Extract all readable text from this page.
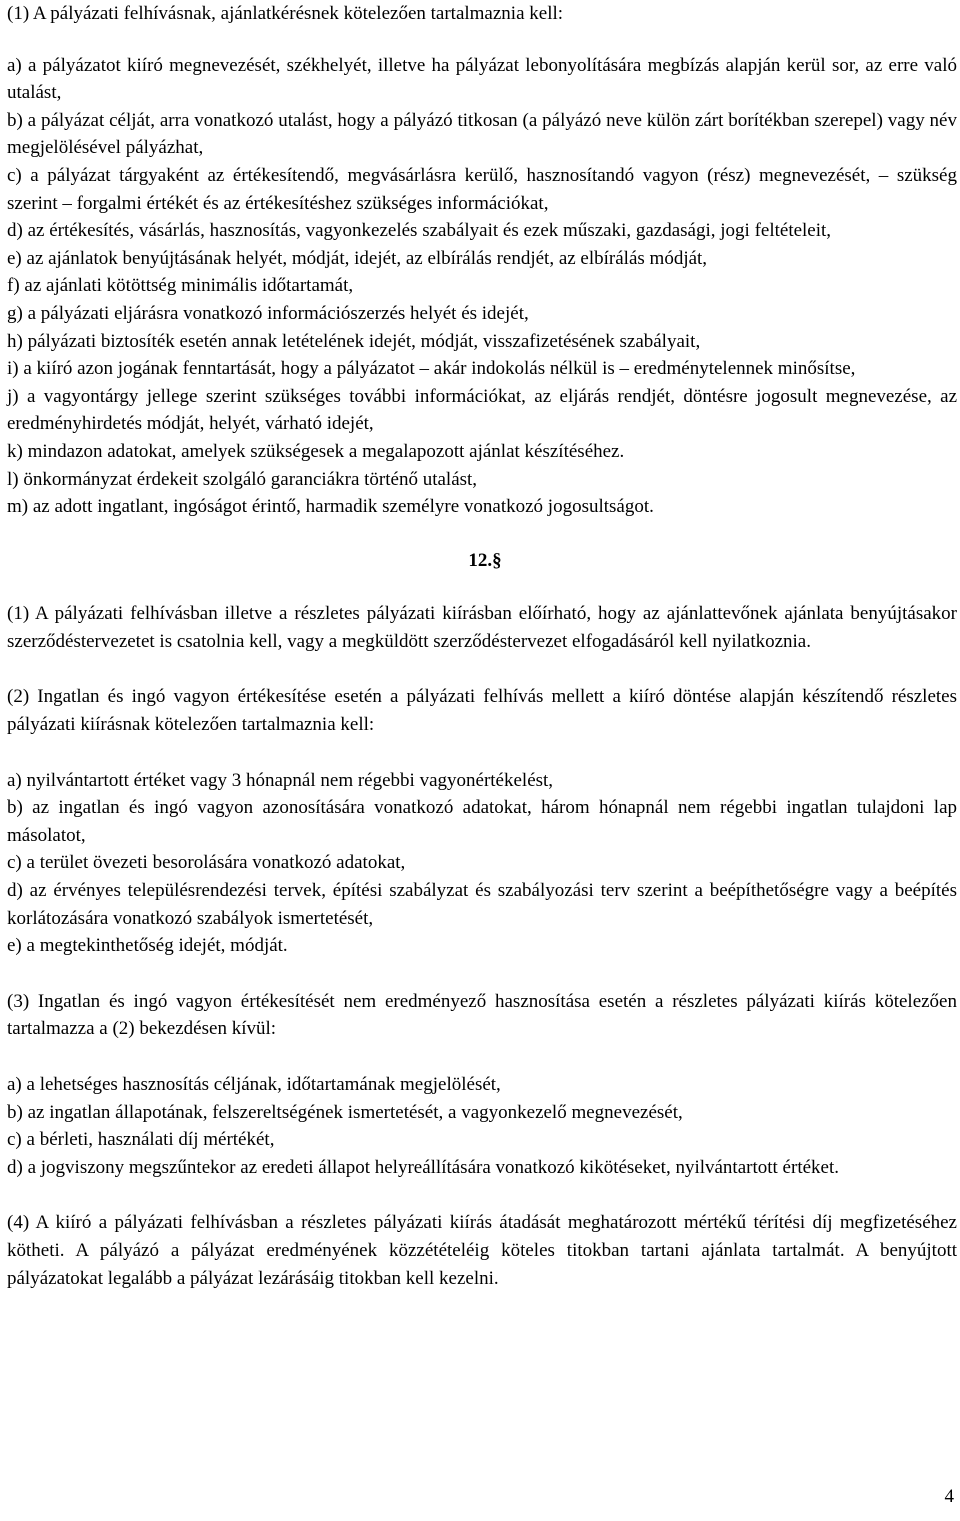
(1) A pályázati felhívásnak, ajánlatkérésnek kötelezően tartalmaznia kell:

a) a pályázatot kiíró megnevezését, székhelyét, illetve ha pályázat lebonyolítására megbízás alapján kerül sor, az erre való utalást,

b) a pályázat célját, arra vonatkozó utalást, hogy a pályázó titkosan (a pályázó neve külön zárt borítékban szerepel) vagy név megjelölésével pályázhat,

c) a pályázat tárgyaként az értékesítendő, megvásárlásra kerülő, hasznosítandó vagyon (rész) megnevezését, – szükség szerint – forgalmi értékét és az értékesítéshez szükséges információkat,

d) az értékesítés, vásárlás, hasznosítás, vagyonkezelés szabályait és ezek műszaki, gazdasági, jogi feltételeit,

e) az ajánlatok benyújtásának helyét, módját, idejét, az elbírálás rendjét, az elbírálás módját,

f) az ajánlati kötöttség minimális időtartamát,

g) a pályázati eljárásra vonatkozó információszerzés helyét és idejét,

h) pályázati biztosíték esetén annak letételének idejét, módját, visszafizetésének szabályait,

i) a kiíró azon jogának fenntartását, hogy a pályázatot – akár indokolás nélkül is – eredménytelennek minősítse,

j) a vagyontárgy jellege szerint szükséges további információkat, az eljárás rendjét, döntésre jogosult megnevezése, az eredményhirdetés módját, helyét, várható idejét,

k) mindazon adatokat, amelyek szükségesek a megalapozott ajánlat készítéséhez.

l) önkormányzat érdekeit szolgáló garanciákra történő utalást,

m) az adott ingatlant, ingóságot érintő, harmadik személyre vonatkozó jogosultságot.

12.§

(1) A pályázati felhívásban illetve a részletes pályázati kiírásban előírható, hogy az ajánlattevőnek ajánlata benyújtásakor szerződéstervezetet is csatolnia kell, vagy a megküldött szerződéstervezet elfogadásáról kell nyilatkoznia.

(2) Ingatlan és ingó vagyon értékesítése esetén a pályázati felhívás mellett a kiíró döntése alapján készítendő részletes pályázati kiírásnak kötelezően tartalmaznia kell:

a) nyilvántartott értéket vagy 3 hónapnál nem régebbi vagyonértékelést,

b) az ingatlan és ingó vagyon azonosítására vonatkozó adatokat, három hónapnál nem régebbi ingatlan tulajdoni lap másolatot,

c) a terület övezeti besorolására vonatkozó adatokat,

d) az érvényes településrendezési tervek, építési szabályzat és szabályozási terv szerint a beépíthetőségre vagy a beépítés korlátozására vonatkozó szabályok ismertetését,

e) a megtekinthetőség idejét, módját.

(3) Ingatlan és ingó vagyon értékesítését nem eredményező hasznosítása esetén a részletes pályázati kiírás kötelezően tartalmazza a (2) bekezdésen kívül:

a) a lehetséges hasznosítás céljának, időtartamának megjelölését,

b) az ingatlan állapotának, felszereltségének ismertetését, a vagyonkezelő megnevezését,

c) a bérleti, használati díj mértékét,

d) a jogviszony megszűntekor az eredeti állapot helyreállítására vonatkozó kikötéseket, nyilvántartott értéket.

(4) A kiíró a pályázati felhívásban a részletes pályázati kiírás átadását meghatározott mértékű térítési díj megfizetéséhez kötheti. A pályázó a pályázat eredményének közzétételéig köteles titokban tartani ajánlata tartalmát. A benyújtott pályázatokat legalább a pályázat lezárásáig titokban kell kezelni.

4
